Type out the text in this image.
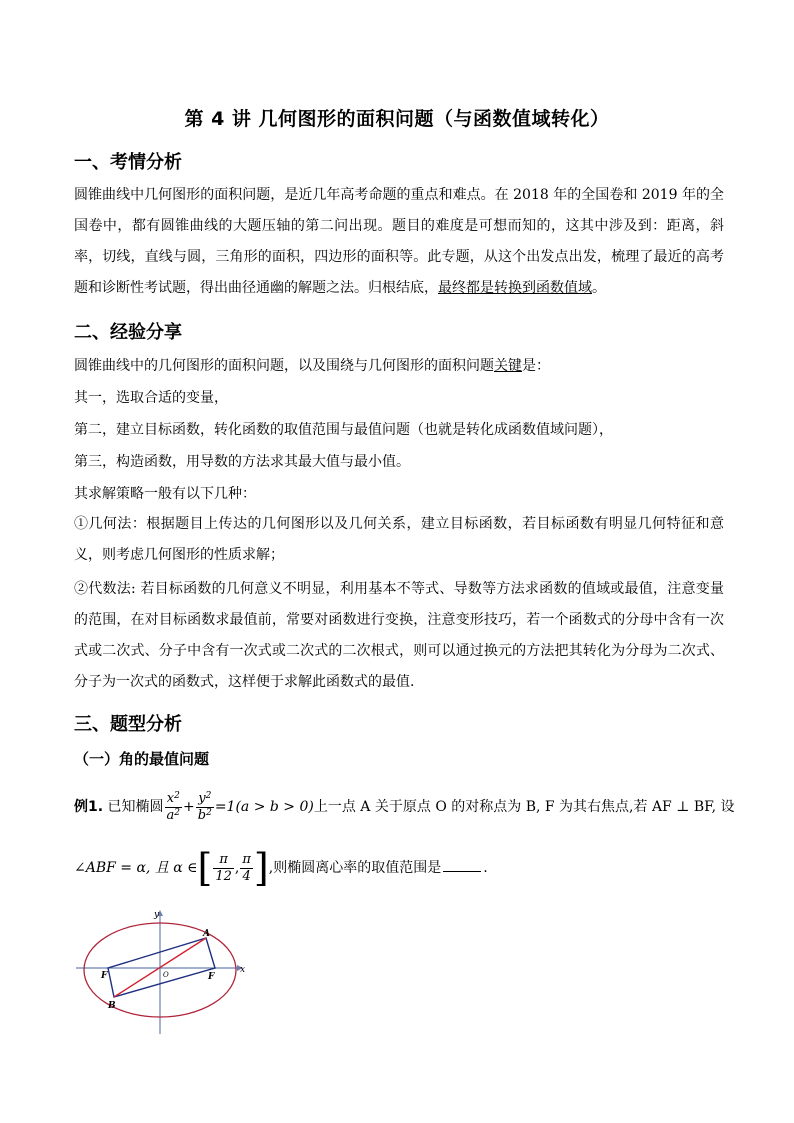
第 4 讲 几何图形的面积问题（与函数值域转化）
一、考情分析
圆锥曲线中几何图形的面积问题，是近几年高考命题的重点和难点。在 2018 年的全国卷和 2019 年的全国卷中，都有圆锥曲线的大题压轴的第二问出现。题目的难度是可想而知的，这其中涉及到：距离，斜率，切线，直线与圆，三角形的面积，四边形的面积等。此专题，从这个出发点出发，梳理了最近的高考题和诊断性考试题，得出曲径通幽的解题之法。归根结底，最终都是转换到函数值域。
二、经验分享
圆锥曲线中的几何图形的面积问题，以及围绕与几何图形的面积问题关键是：
其一，选取合适的变量，
第二，建立目标函数，转化函数的取值范围与最值问题（也就是转化成函数值域问题），
第三，构造函数，用导数的方法求其最大值与最小值。
其求解策略一般有以下几种：
①几何法：根据题目上传达的几何图形以及几何关系，建立目标函数，若目标函数有明显几何特征和意义，则考虑几何图形的性质求解；
②代数法: 若目标函数的几何意义不明显，利用基本不等式、导数等方法求函数的值域或最值，注意变量的范围，在对目标函数求最值前，常要对函数进行变换，注意变形技巧，若一个函数式的分母中含有一次式或二次式、分子中含有一次式或二次式的二次根式，则可以通过换元的方法把其转化为分母为二次式、分子为一次式的函数式，这样便于求解此函数式的最值.
三、题型分析
（一）角的最值问题
例1. 已知椭圆 $\frac{x^2}{a^2} + \frac{y^2}{b^2} =1(a > b > 0)$上一点 A 关于原点 O 的对称点为 B, F 为其右焦点,若 AF ⊥ BF, 设
∠ABF = α, 且 α ∈[ $\frac{\pi}{12}$ , $\frac{\pi}{4}$ ],则椭圆离心率的取值范围是	.
y
x
A
B
F	F
O
